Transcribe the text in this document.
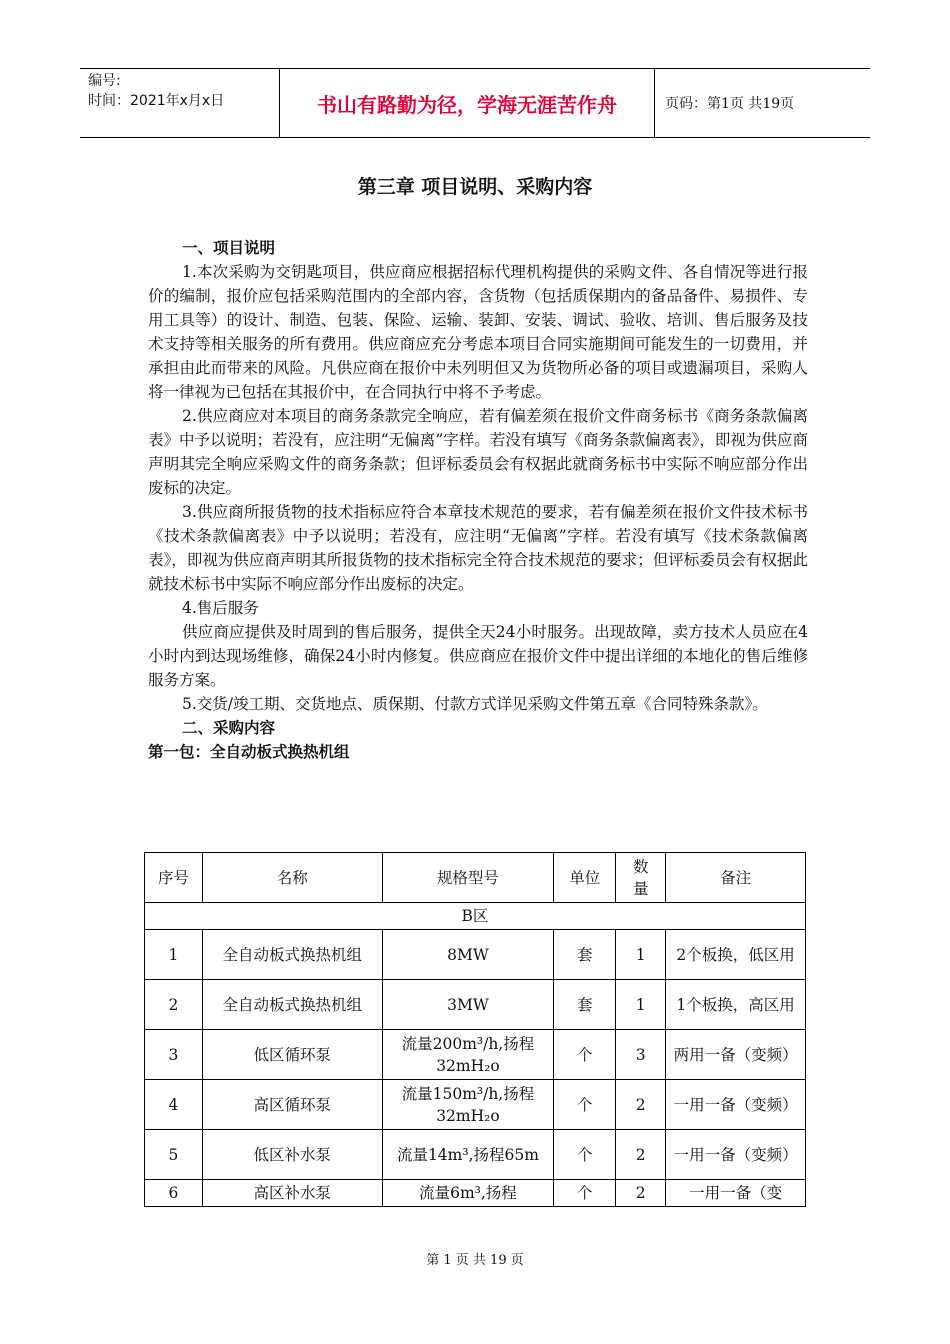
编号:
时间：2021年x月x日	书山有路勤为径，学海无涯苦作舟	页码：第1页 共19页
第三章 项目说明、采购内容

一、项目说明

1.本次采购为交钥匙项目，供应商应根据招标代理机构提供的采购文件、各自情况等进行报价的编制，报价应包括采购范围内的全部内容，含货物（包括质保期内的备品备件、易损件、专用工具等）的设计、制造、包装、保险、运输、装卸、安装、调试、验收、培训、售后服务及技术支持等相关服务的所有费用。供应商应充分考虑本项目合同实施期间可能发生的一切费用，并承担由此而带来的风险。凡供应商在报价中未列明但又为货物所必备的项目或遗漏项目，采购人将一律视为已包括在其报价中，在合同执行中将不予考虑。

2.供应商应对本项目的商务条款完全响应，若有偏差须在报价文件商务标书《商务条款偏离表》中予以说明；若没有，应注明“无偏离”字样。若没有填写《商务条款偏离表》，即视为供应商声明其完全响应采购文件的商务条款；但评标委员会有权据此就商务标书中实际不响应部分作出废标的决定。

3.供应商所报货物的技术指标应符合本章技术规范的要求，若有偏差须在报价文件技术标书《技术条款偏离表》中予以说明；若没有，应注明“无偏离”字样。若没有填写《技术条款偏离表》，即视为供应商声明其所报货物的技术指标完全符合技术规范的要求；但评标委员会有权据此就技术标书中实际不响应部分作出废标的决定。

4.售后服务

供应商应提供及时周到的售后服务，提供全天24小时服务。出现故障，卖方技术人员应在4小时内到达现场维修，确保24小时内修复。供应商应在报价文件中提出详细的本地化的售后维修服务方案。

5.交货/竣工期、交货地点、质保期、付款方式详见采购文件第五章《合同特殊条款》。

二、采购内容

第一包：全自动板式换热机组

序号	名称	规格型号	单位	数量	备注
B区					
1	全自动板式换热机组	8MW	套	1	2个板换，低区用
2	全自动板式换热机组	3MW	套	1	1个板换，高区用
3	低区循环泵	流量200m³/h,扬程32mH₂o	个	3	两用一备（变频）
4	高区循环泵	流量150m³/h,扬程32mH₂o	个	2	一用一备（变频）
5	低区补水泵	流量14m³,扬程65m	个	2	一用一备（变频）
6	高区补水泵	流量6m³,扬程	个	2	一用一备（变
第 1 页 共 19 页
